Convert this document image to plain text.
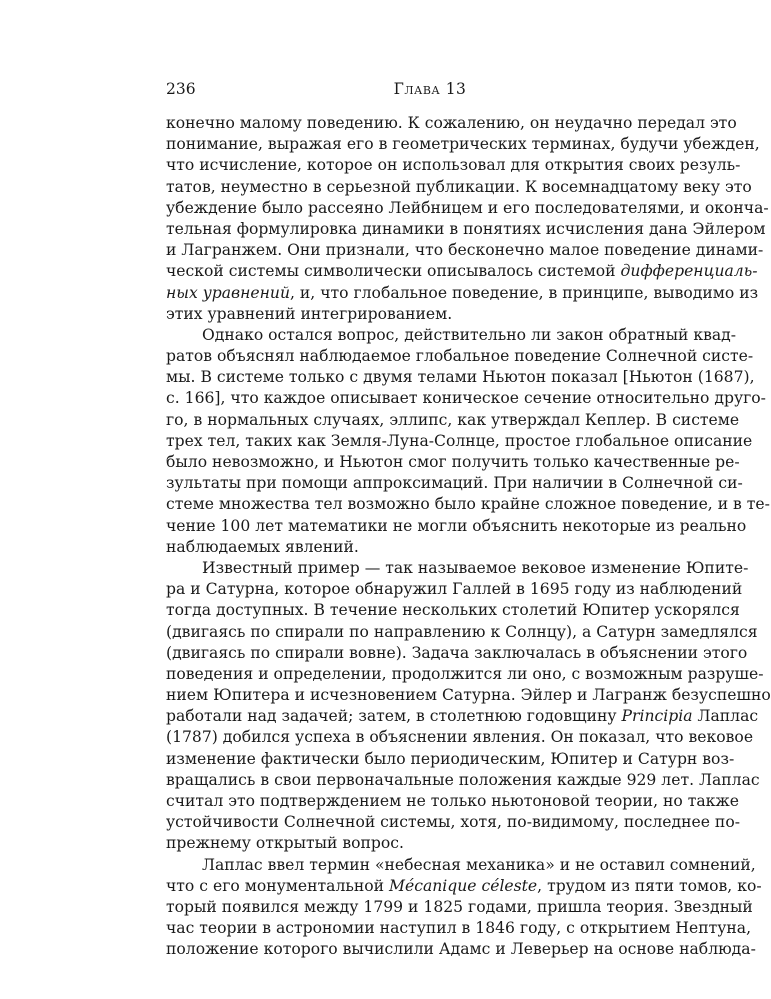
236	Глава 13
конечно малому поведению. К сожалению, он неудачно передал это
понимание, выражая его в геометрических терминах, будучи убежден,
что исчисление, которое он использовал для открытия своих резуль-
татов, неуместно в серьезной публикации. К восемнадцатому веку это
убеждение было рассеяно Лейбницем и его последователями, и оконча-
тельная формулировка динамики в понятиях исчисления дана Эйлером
и Лагранжем. Они признали, что бесконечно малое поведение динами-
ческой системы символически описывалось системой дифференциаль-
ных уравнений, и, что глобальное поведение, в принципе, выводимо из
этих уравнений интегрированием.
Однако остался вопрос, действительно ли закон обратный квад-
ратов объяснял наблюдаемое глобальное поведение Солнечной систе-
мы. В системе только с двумя телами Ньютон показал [Ньютон (1687),
с. 166], что каждое описывает коническое сечение относительно друго-
го, в нормальных случаях, эллипс, как утверждал Кеплер. В системе
трех тел, таких как Земля-Луна-Солнце, простое глобальное описание
было невозможно, и Ньютон смог получить только качественные ре-
зультаты при помощи аппроксимаций. При наличии в Солнечной си-
стеме множества тел возможно было крайне сложное поведение, и в те-
чение 100 лет математики не могли объяснить некоторые из реально
наблюдаемых явлений.
Известный пример — так называемое вековое изменение Юпите-
ра и Сатурна, которое обнаружил Галлей в 1695 году из наблюдений
тогда доступных. В течение нескольких столетий Юпитер ускорялся
(двигаясь по спирали по направлению к Солнцу), а Сатурн замедлялся
(двигаясь по спирали вовне). Задача заключалась в объяснении этого
поведения и определении, продолжится ли оно, с возможным разруше-
нием Юпитера и исчезновением Сатурна. Эйлер и Лагранж безуспешно
работали над задачей; затем, в столетнюю годовщину Principia Лаплас
(1787) добился успеха в объяснении явления. Он показал, что вековое
изменение фактически было периодическим, Юпитер и Сатурн воз-
вращались в свои первоначальные положения каждые 929 лет. Лаплас
считал это подтверждением не только ньютоновой теории, но также
устойчивости Солнечной системы, хотя, по-видимому, последнее по-
прежнему открытый вопрос.
Лаплас ввел термин «небесная механика» и не оставил сомнений,
что с его монументальной Mécanique céleste, трудом из пяти томов, ко-
торый появился между 1799 и 1825 годами, пришла теория. Звездный
час теории в астрономии наступил в 1846 году, с открытием Нептуна,
положение которого вычислили Адамс и Леверьер на основе наблюда-
